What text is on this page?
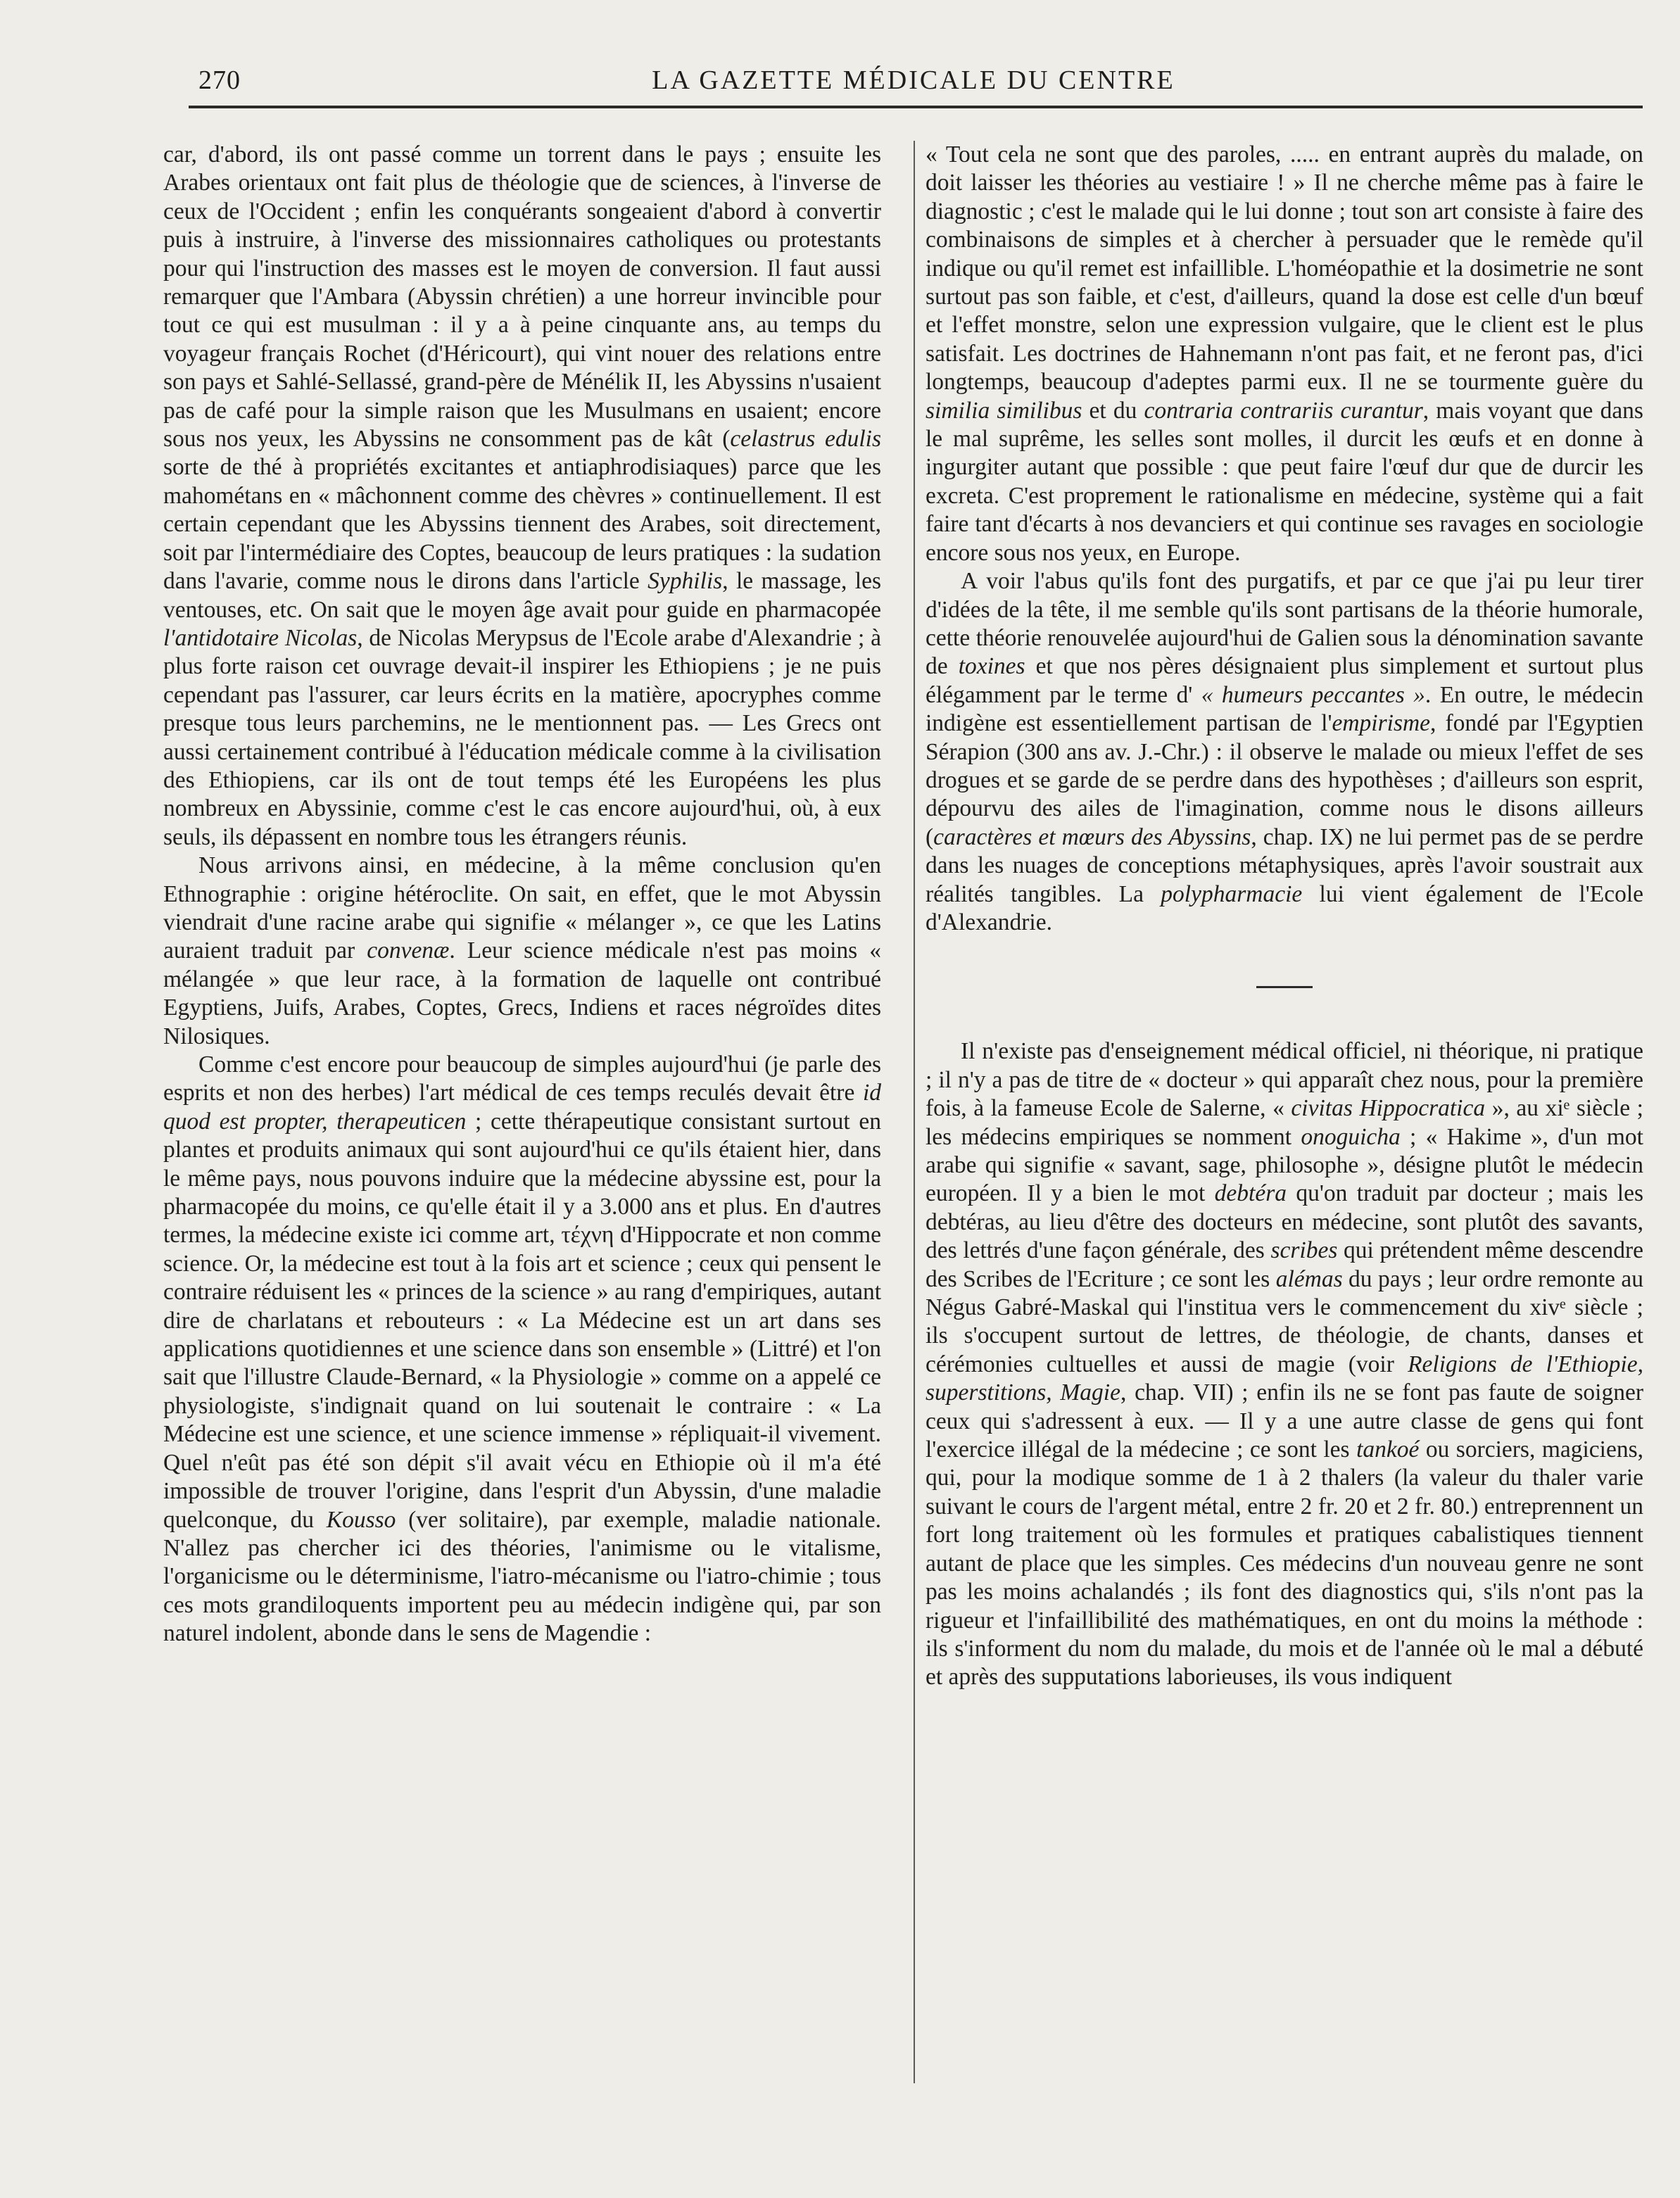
270	LA GAZETTE MÉDICALE DU CENTRE

car, d'abord, ils ont passé comme un torrent dans le pays ; ensuite les Arabes orientaux ont fait plus de théologie que de sciences, à l'inverse de ceux de l'Occident ; enfin les conquérants songeaient d'abord à convertir puis à instruire, à l'inverse des missionnaires catholiques ou protestants pour qui l'instruction des masses est le moyen de conversion. Il faut aussi remarquer que l'Ambara (Abyssin chrétien) a une horreur invincible pour tout ce qui est musulman : il y a à peine cinquante ans, au temps du voyageur français Rochet (d'Héricourt), qui vint nouer des relations entre son pays et Sahlé-Sellassé, grand-père de Ménélik II, les Abyssins n'usaient pas de café pour la simple raison que les Musulmans en usaient; encore sous nos yeux, les Abyssins ne consomment pas de kât (celastrus edulis sorte de thé à propriétés excitantes et antiaphrodisiaques) parce que les mahométans en « mâchonnent comme des chèvres » continuellement. Il est certain cependant que les Abyssins tiennent des Arabes, soit directement, soit par l'intermédiaire des Coptes, beaucoup de leurs pratiques : la sudation dans l'avarie, comme nous le dirons dans l'article Syphilis, le massage, les ventouses, etc. On sait que le moyen âge avait pour guide en pharmacopée l'antidotaire Nicolas, de Nicolas Merypsus de l'Ecole arabe d'Alexandrie ; à plus forte raison cet ouvrage devait-il inspirer les Ethiopiens ; je ne puis cependant pas l'assurer, car leurs écrits en la matière, apocryphes comme presque tous leurs parchemins, ne le mentionnent pas. — Les Grecs ont aussi certainement contribué à l'éducation médicale comme à la civilisation des Ethiopiens, car ils ont de tout temps été les Européens les plus nombreux en Abyssinie, comme c'est le cas encore aujourd'hui, où, à eux seuls, ils dépassent en nombre tous les étrangers réunis.

Nous arrivons ainsi, en médecine, à la même conclusion qu'en Ethnographie : origine hétéroclite. On sait, en effet, que le mot Abyssin viendrait d'une racine arabe qui signifie « mélanger », ce que les Latins auraient traduit par convenæ. Leur science médicale n'est pas moins « mélangée » que leur race, à la formation de laquelle ont contribué Egyptiens, Juifs, Arabes, Coptes, Grecs, Indiens et races négroïdes dites Nilosiques.

Comme c'est encore pour beaucoup de simples aujourd'hui (je parle des esprits et non des herbes) l'art médical de ces temps reculés devait être id quod est propter, therapeuticen ; cette thérapeutique consistant surtout en plantes et produits animaux qui sont aujourd'hui ce qu'ils étaient hier, dans le même pays, nous pouvons induire que la médecine abyssine est, pour la pharmacopée du moins, ce qu'elle était il y a 3.000 ans et plus. En d'autres termes, la médecine existe ici comme art, τέχνη d'Hippocrate et non comme science. Or, la médecine est tout à la fois art et science ; ceux qui pensent le contraire réduisent les « princes de la science » au rang d'empiriques, autant dire de charlatans et rebouteurs : « La Médecine est un art dans ses applications quotidiennes et une science dans son ensemble » (Littré) et l'on sait que l'illustre Claude-Bernard, « la Physiologie » comme on a appelé ce physiologiste, s'indignait quand on lui soutenait le contraire : « La Médecine est une science, et une science immense » répliquait-il vivement. Quel n'eût pas été son dépit s'il avait vécu en Ethiopie où il m'a été impossible de trouver l'origine, dans l'esprit d'un Abyssin, d'une maladie quelconque, du Kousso (ver solitaire), par exemple, maladie nationale. N'allez pas chercher ici des théories, l'animisme ou le vitalisme, l'organicisme ou le déterminisme, l'iatro-mécanisme ou l'iatro-chimie ; tous ces mots grandiloquents importent peu au médecin indigène qui, par son naturel indolent, abonde dans le sens de Magendie :

« Tout cela ne sont que des paroles, ..... en entrant auprès du malade, on doit laisser les théories au vestiaire ! » Il ne cherche même pas à faire le diagnostic ; c'est le malade qui le lui donne ; tout son art consiste à faire des combinaisons de simples et à chercher à persuader que le remède qu'il indique ou qu'il remet est infaillible. L'homéopathie et la dosimetrie ne sont surtout pas son faible, et c'est, d'ailleurs, quand la dose est celle d'un bœuf et l'effet monstre, selon une expression vulgaire, que le client est le plus satisfait. Les doctrines de Hahnemann n'ont pas fait, et ne feront pas, d'ici longtemps, beaucoup d'adeptes parmi eux. Il ne se tourmente guère du similia similibus et du contraria contrariis curantur, mais voyant que dans le mal suprême, les selles sont molles, il durcit les œufs et en donne à ingurgiter autant que possible : que peut faire l'œuf dur que de durcir les excreta. C'est proprement le rationalisme en médecine, système qui a fait faire tant d'écarts à nos devanciers et qui continue ses ravages en sociologie encore sous nos yeux, en Europe.

A voir l'abus qu'ils font des purgatifs, et par ce que j'ai pu leur tirer d'idées de la tête, il me semble qu'ils sont partisans de la théorie humorale, cette théorie renouvelée aujourd'hui de Galien sous la dénomination savante de toxines et que nos pères désignaient plus simplement et surtout plus élégamment par le terme d' « humeurs peccantes ». En outre, le médecin indigène est essentiellement partisan de l'empirisme, fondé par l'Egyptien Sérapion (300 ans av. J.-Chr.) : il observe le malade ou mieux l'effet de ses drogues et se garde de se perdre dans des hypothèses ; d'ailleurs son esprit, dépourvu des ailes de l'imagination, comme nous le disons ailleurs (caractères et mœurs des Abyssins, chap. IX) ne lui permet pas de se perdre dans les nuages de conceptions métaphysiques, après l'avoir soustrait aux réalités tangibles. La polypharmacie lui vient également de l'Ecole d'Alexandrie.

Il n'existe pas d'enseignement médical officiel, ni théorique, ni pratique ; il n'y a pas de titre de « docteur » qui apparaît chez nous, pour la première fois, à la fameuse Ecole de Salerne, « civitas Hippocratica », au xiᵉ siècle ; les médecins empiriques se nomment onoguicha ; « Hakime », d'un mot arabe qui signifie « savant, sage, philosophe », désigne plutôt le médecin européen. Il y a bien le mot debtéra qu'on traduit par docteur ; mais les debtéras, au lieu d'être des docteurs en médecine, sont plutôt des savants, des lettrés d'une façon générale, des scribes qui prétendent même descendre des Scribes de l'Ecriture ; ce sont les alémas du pays ; leur ordre remonte au Négus Gabré-Maskal qui l'institua vers le commencement du xivᵉ siècle ; ils s'occupent surtout de lettres, de théologie, de chants, danses et cérémonies cultuelles et aussi de magie (voir Religions de l'Ethiopie, superstitions, Magie, chap. VII) ; enfin ils ne se font pas faute de soigner ceux qui s'adressent à eux. — Il y a une autre classe de gens qui font l'exercice illégal de la médecine ; ce sont les tankoé ou sorciers, magiciens, qui, pour la modique somme de 1 à 2 thalers (la valeur du thaler varie suivant le cours de l'argent métal, entre 2 fr. 20 et 2 fr. 80.) entreprennent un fort long traitement où les formules et pratiques cabalistiques tiennent autant de place que les simples. Ces médecins d'un nouveau genre ne sont pas les moins achalandés ; ils font des diagnostics qui, s'ils n'ont pas la rigueur et l'infaillibilité des mathématiques, en ont du moins la méthode : ils s'informent du nom du malade, du mois et de l'année où le mal a débuté et après des supputations laborieuses, ils vous indiquent
